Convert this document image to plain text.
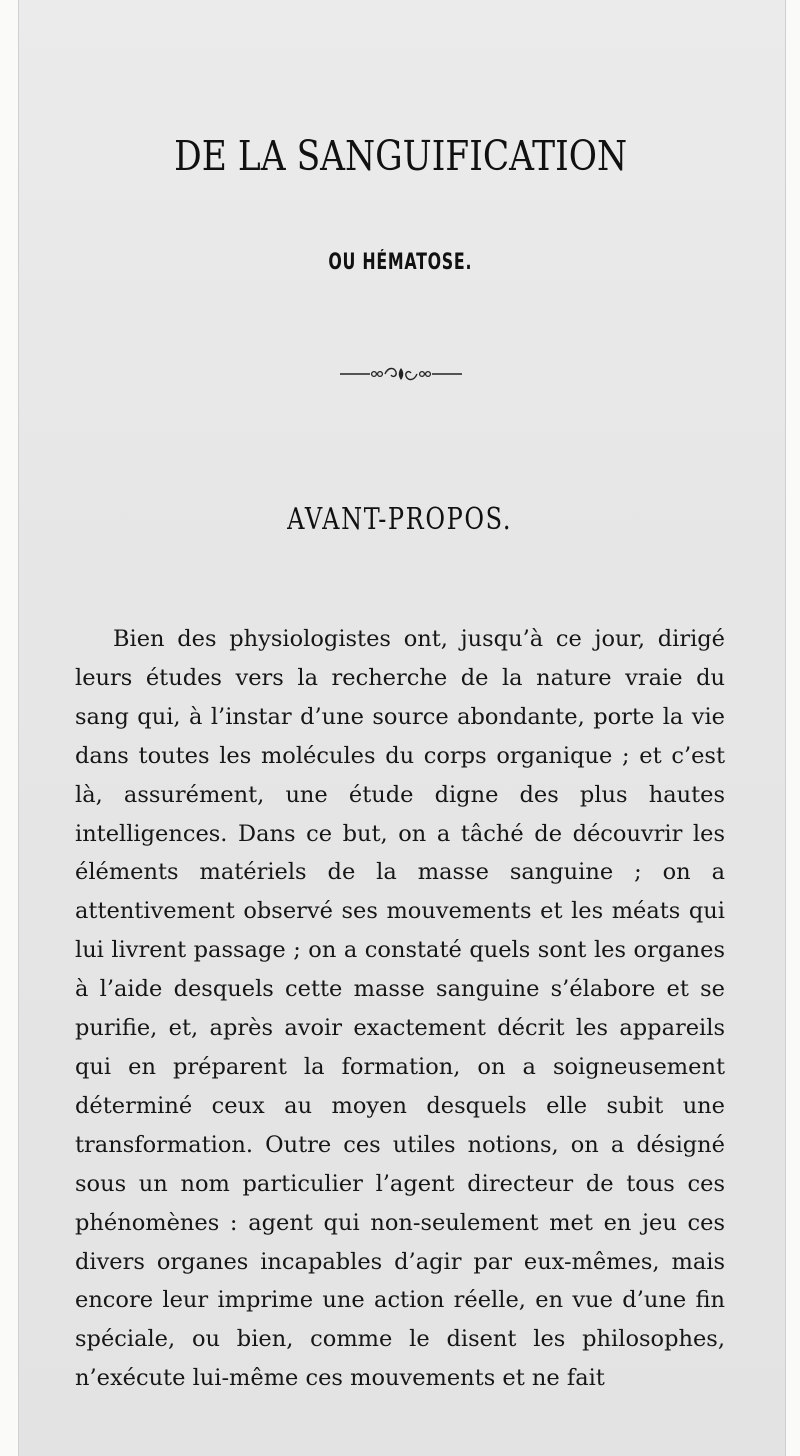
DE LA SANGUIFICATION
OU HÉMATOSE.
AVANT-PROPOS.

Bien des physiologistes ont, jusqu’à ce jour, dirigé leurs études vers la recherche de la nature vraie du sang qui, à l’instar d’une source abondante, porte la vie dans toutes les molécules du corps organique ; et c’est là, assurément, une étude digne des plus hautes intelligences. Dans ce but, on a tâché de découvrir les éléments matériels de la masse sanguine ; on a attentivement observé ses mouvements et les méats qui lui livrent passage ; on a constaté quels sont les organes à l’aide desquels cette masse sanguine s’élabore et se purifie, et, après avoir exactement décrit les appareils qui en préparent la formation, on a soigneusement déterminé ceux au moyen desquels elle subit une transformation. Outre ces utiles notions, on a désigné sous un nom particulier l’agent directeur de tous ces phénomènes : agent qui non-seulement met en jeu ces divers organes incapables d’agir par eux-mêmes, mais encore leur imprime une action réelle, en vue d’une fin spéciale, ou bien, comme le disent les philosophes, n’exécute lui-même ces mouvements et ne fait
